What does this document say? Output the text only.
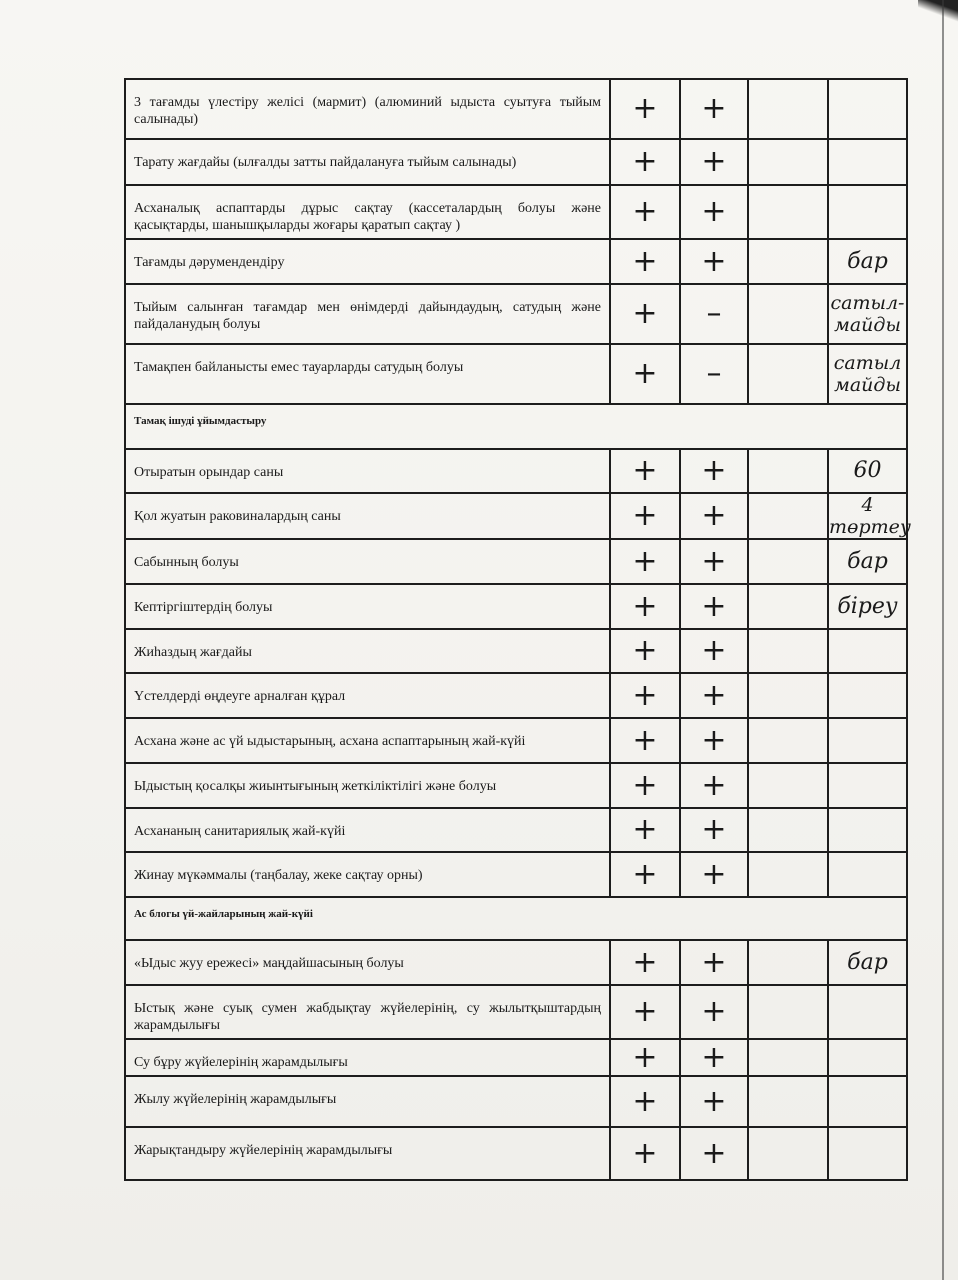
3 тағамды үлестіру желісі (мармит) (алюминий ыдыста суытуға тыйым салынады)	+	+		
Тарату жағдайы (ылғалды затты пайдалануға тыйым салынады)	+	+		
Асханалық аспаптарды дұрыс сақтау (кассеталардың болуы және қасықтарды, шанышқыларды жоғары қаратып сақтау )	+	+		
Тағамды дәрумендендіру	+	+		бар
Тыйым салынған тағамдар мен өнімдерді дайындаудың, сатудың және пайдаланудың болуы	+	–		сатыл- майды
Тамақпен байланысты емес тауарларды сатудың болуы	+	–		сатыл майды
Тамақ ішуді ұйымдастыру				
Отыратын орындар саны	+	+		60
Қол жуатын раковиналардың саны	+	+		4 төртеу
Сабынның болуы	+	+		бар
Кептіргіштердің болуы	+	+		біреу
Жиһаздың жағдайы	+	+		
Үстелдерді өңдеуге арналған құрал	+	+		
Асхана және ас үй ыдыстарының, асхана аспаптарының жай-күйі	+	+		
Ыдыстың қосалқы жиынтығының жеткіліктілігі және болуы	+	+		
Асхананың санитариялық жай-күйі	+	+		
Жинау мүкәммалы (таңбалау, жеке сақтау орны)	+	+		
Ас блогы үй-жайларының жай-күйі				
«Ыдыс жуу ережесі» маңдайшасының болуы	+	+		бар
Ыстық және суық сумен жабдықтау жүйелерінің, су жылытқыштардың жарамдылығы	+	+		
Су бұру жүйелерінің жарамдылығы	+	+		
Жылу жүйелерінің жарамдылығы	+	+		
Жарықтандыру жүйелерінің жарамдылығы	+	+		
